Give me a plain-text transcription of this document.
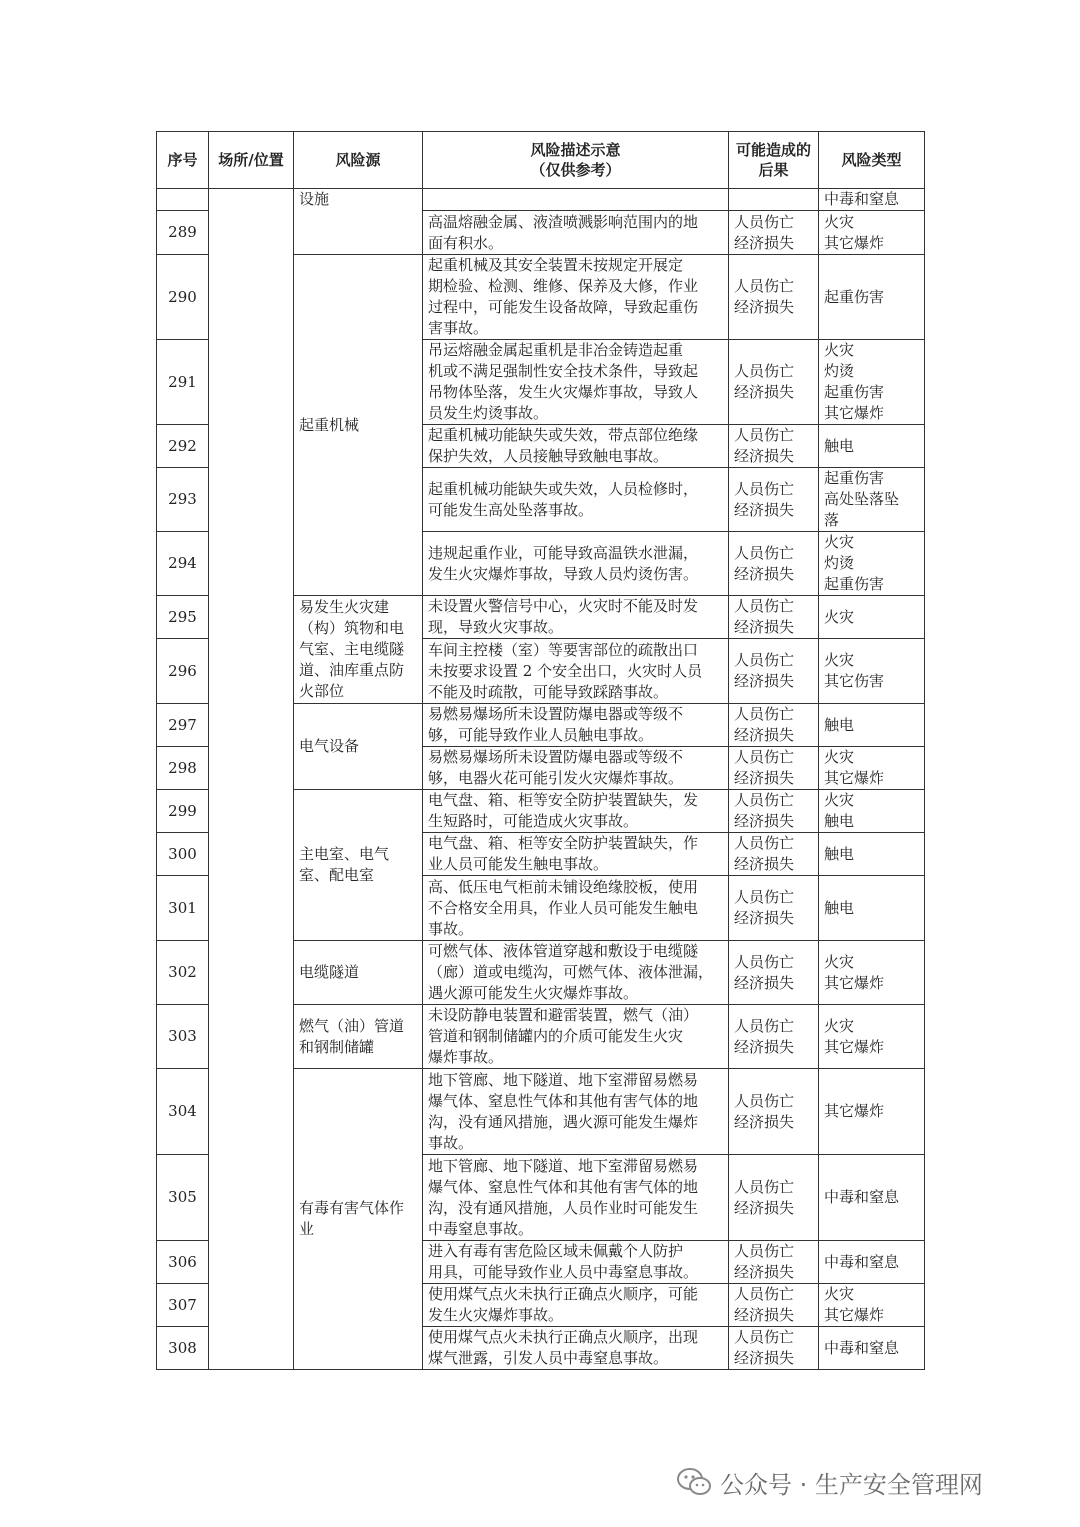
序号	场所/位置	风险源	风险描述示意
（仅供参考）	可能造成的后果	风险类型
		设施			中毒和窒息

289			高温熔融金属、液渣喷溅影响范围内的地
面有积水。	人员伤亡
经济损失	火灾
其它爆炸

290		起重机械	起重机械及其安全装置未按规定开展定
期检验、检测、维修、保养及大修，作业
过程中，可能发生设备故障，导致起重伤
害事故。	人员伤亡
经济损失	起重伤害

291			吊运熔融金属起重机是非冶金铸造起重
机或不满足强制性安全技术条件，导致起
吊物体坠落，发生火灾爆炸事故，导致人
员发生灼烫事故。	人员伤亡
经济损失	火灾
灼烫
起重伤害
其它爆炸

292			起重机械功能缺失或失效，带点部位绝缘
保护失效，人员接触导致触电事故。	人员伤亡
经济损失	触电

293			起重机械功能缺失或失效，人员检修时，
可能发生高处坠落事故。	人员伤亡
经济损失	起重伤害
高处坠落坠
落

294			违规起重作业，可能导致高温铁水泄漏，
发生火灾爆炸事故，导致人员灼烫伤害。	人员伤亡
经济损失	火灾
灼烫
起重伤害

295		易发生火灾建（构）筑物和电气室、主电缆隧道、油库重点防火部位	未设置火警信号中心，火灾时不能及时发
现，导致火灾事故。	人员伤亡
经济损失	火灾

296			车间主控楼（室）等要害部位的疏散出口
未按要求设置 2 个安全出口，火灾时人员
不能及时疏散，可能导致踩踏事故。	人员伤亡
经济损失	火灾
其它伤害

297		电气设备	易燃易爆场所未设置防爆电器或等级不
够，可能导致作业人员触电事故。	人员伤亡
经济损失	触电

298			易燃易爆场所未设置防爆电器或等级不
够，电器火花可能引发火灾爆炸事故。	人员伤亡
经济损失	火灾
其它爆炸

299		主电室、电气室、配电室	电气盘、箱、柜等安全防护装置缺失，发
生短路时，可能造成火灾事故。	人员伤亡
经济损失	火灾
触电

300			电气盘、箱、柜等安全防护装置缺失，作
业人员可能发生触电事故。	人员伤亡
经济损失	触电

301			高、低压电气柜前未铺设绝缘胶板，使用
不合格安全用具，作业人员可能发生触电
事故。	人员伤亡
经济损失	触电

302		电缆隧道	可燃气体、液体管道穿越和敷设于电缆隧
（廊）道或电缆沟，可燃气体、液体泄漏，
遇火源可能发生火灾爆炸事故。	人员伤亡
经济损失	火灾
其它爆炸

303		燃气（油）管道和钢制储罐	未设防静电装置和避雷装置，燃气（油）
管道和钢制储罐内的介质可能发生火灾
爆炸事故。	人员伤亡
经济损失	火灾
其它爆炸

304		有毒有害气体作业	地下管廊、地下隧道、地下室滞留易燃易
爆气体、窒息性气体和其他有害气体的地
沟，没有通风措施，遇火源可能发生爆炸
事故。	人员伤亡
经济损失	其它爆炸

305			地下管廊、地下隧道、地下室滞留易燃易
爆气体、窒息性气体和其他有害气体的地
沟，没有通风措施，人员作业时可能发生
中毒窒息事故。	人员伤亡
经济损失	中毒和窒息

306			进入有毒有害危险区域未佩戴个人防护
用具，可能导致作业人员中毒窒息事故。	人员伤亡
经济损失	中毒和窒息

307			使用煤气点火未执行正确点火顺序，可能
发生火灾爆炸事故。	人员伤亡
经济损失	火灾
其它爆炸

308			使用煤气点火未执行正确点火顺序，出现
煤气泄露，引发人员中毒窒息事故。	人员伤亡
经济损失	中毒和窒息
公众号 · 生产安全管理网
